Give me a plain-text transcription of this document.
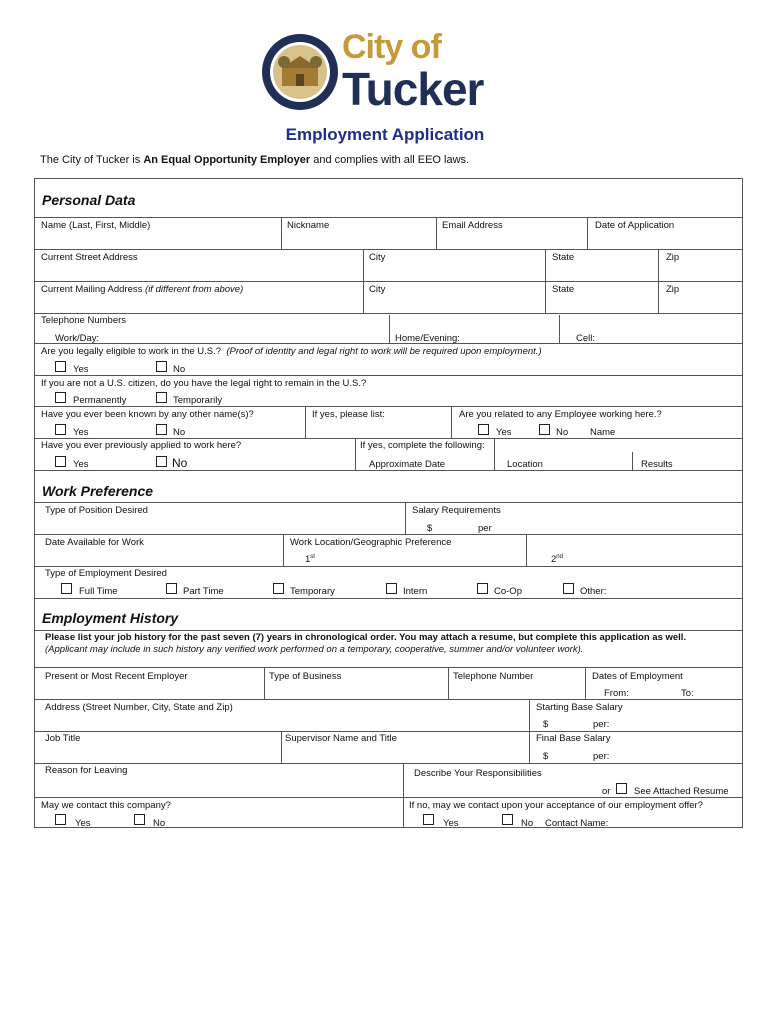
City of
Tucker
Employment Application
The City of Tucker is An Equal Opportunity Employer and complies with all EEO laws.
Personal Data
Name (Last, First, Middle)	Nickname	Email Address	Date of Application
Current Street Address	City	State	Zip
Current Mailing Address (if different from above)	City	State	Zip
Telephone Numbers
Work/Day:	Home/Evening:	Cell:
Are you legally eligible to work in the U.S.? (Proof of identity and legal right to work will be required upon employment.)
Yes	No
If you are not a U.S. citizen, do you have the legal right to remain in the U.S.?
Permanently	Temporarily
Have you ever been known by any other name(s)?
Yes	No
If yes, please list:	Are you related to any Employee working here.?
Yes	No Name
Have you ever previously applied to work here?
Yes	No
If yes, complete the following:
Approximate Date	Location	Results
Work Preference
Type of Position Desired	Salary Requirements
$	per
Date Available for Work	Work Location/Geographic Preference
1st	2nd
Type of Employment Desired
Full Time	Part Time	Temporary	Intern	Co-Op	Other:
Employment History
Please list your job history for the past seven (7) years in chronological order. You may attach a resume, but complete this application as well.
(Applicant may include in such history any verified work performed on a temporary, cooperative, summer and/or volunteer work).
Present or Most Recent Employer	Type of Business	Telephone Number	Dates of Employment
From:	To:
Address (Street Number, City, State and Zip)	Starting Base Salary
$	per:
Job Title	Supervisor Name and Title	Final Base Salary
$	per:
Reason for Leaving	Describe Your Responsibilities
or See Attached Resume
May we contact this company?
Yes	No
If no, may we contact upon your acceptance of our employment offer?
Yes	No Contact Name:
